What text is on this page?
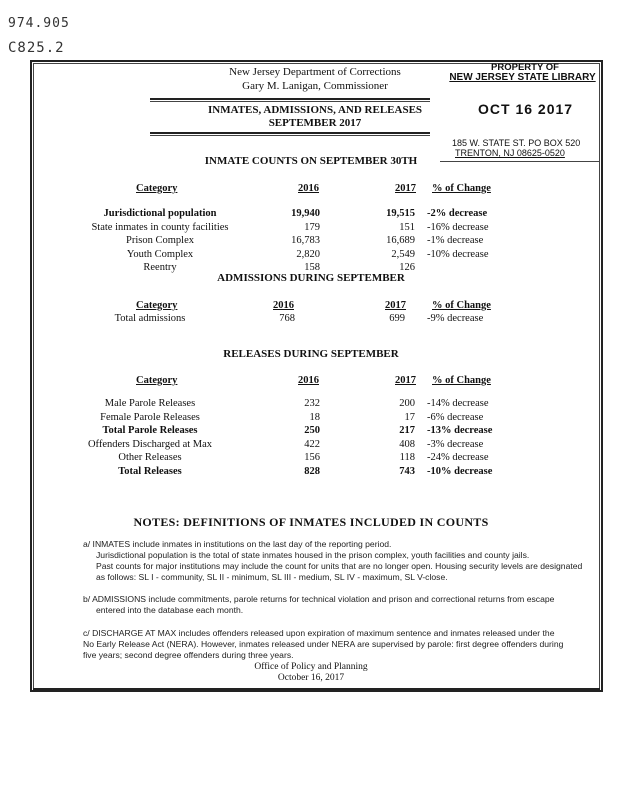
974.905
C825.2
New Jersey Department of Corrections
Gary M. Lanigan, Commissioner
INMATES, ADMISSIONS, AND RELEASES
SEPTEMBER 2017
PROPERTY OF
NEW JERSEY STATE LIBRARY
OCT 16 2017
185 W. STATE ST. PO BOX 520
TRENTON, NJ 08625-0520
INMATE COUNTS ON SEPTEMBER 30TH
Category	2016	2017 % of Change
Jurisdictional population	19,940	19,515 -2% decrease
State inmates in county facilities	179	151 -16% decrease
Prison Complex	16,783	16,689 -1% decrease
Youth Complex	2,820	2,549 -10% decrease
Reentry	158	126
ADMISSIONS DURING SEPTEMBER
Category	2016	2017 % of Change
Total admissions	768	699 -9% decrease
RELEASES DURING SEPTEMBER
Category	2016	2017 % of Change
Male Parole Releases	232	200 -14% decrease
Female Parole Releases	18	17 -6% decrease
Total Parole Releases	250	217 -13% decrease
Offenders Discharged at Max	422	408 -3% decrease
Other Releases	156	118 -24% decrease
Total Releases	828	743 -10% decrease
NOTES: DEFINITIONS OF INMATES INCLUDED IN COUNTS
a/ INMATES include inmates in institutions on the last day of the reporting period.
Jurisdictional population is the total of state inmates housed in the prison complex, youth facilities and county jails.
Past counts for major institutions may include the count for units that are no longer open. Housing security levels are designated
as follows: SL I - community, SL II - minimum, SL III - medium, SL IV - maximum, SL V-close.
b/ ADMISSIONS include commitments, parole returns for technical violation and prison and correctional returns from escape
entered into the database each month.
c/ DISCHARGE AT MAX includes offenders released upon expiration of maximum sentence and inmates released under the
No Early Release Act (NERA). However, inmates released under NERA are supervised by parole: first degree offenders during
five years; second degree offenders during three years.
Office of Policy and Planning
October 16, 2017
